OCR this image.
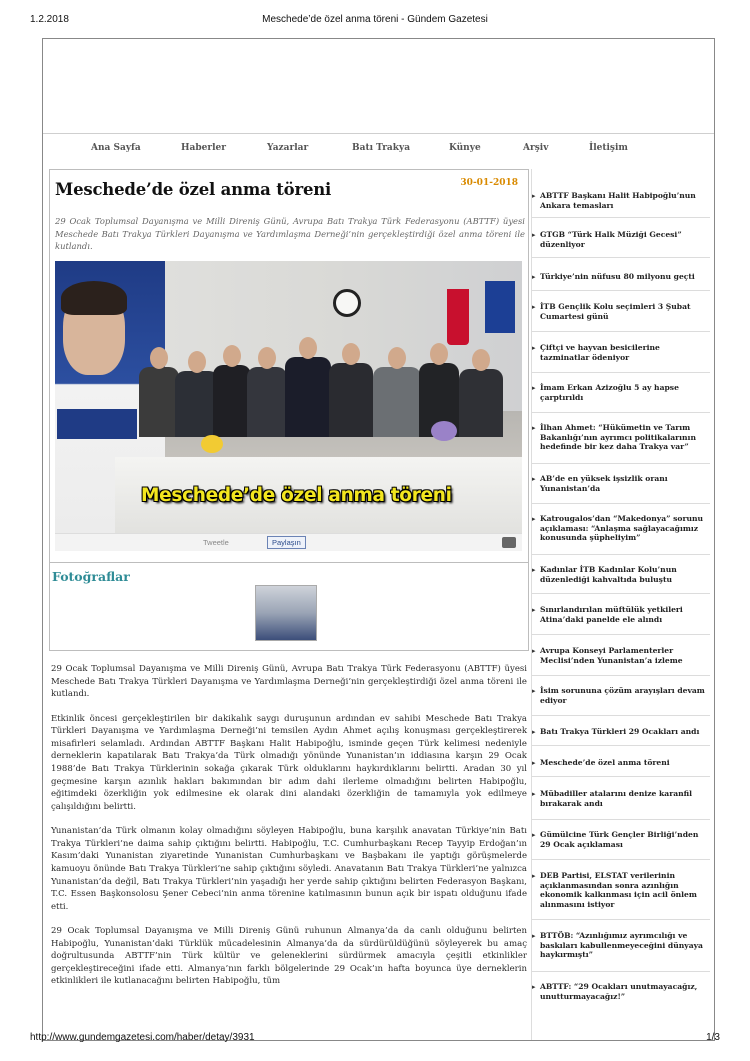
1.2.2018	Meschede’de özel anma töreni - Gündem Gazetesi
Ana Sayfa	Haberler	Yazarlar	Batı Trakya	Künye	Arşiv	İletişim
Meschede’de özel anma töreni	30-01-2018

29 Ocak Toplumsal Dayanışma ve Milli Direniş Günü, Avrupa Batı Trakya Türk Federasyonu (ABTTF) üyesi Meschede Batı Trakya Türkleri Dayanışma ve Yardımlaşma Derneği’nin gerçekleştirdiği özel anma töreni ile kutlandı.

Meschede’de özel anma töreni
Tweetle	Paylaşın
Fotoğraflar

29 Ocak Toplumsal Dayanışma ve Milli Direniş Günü, Avrupa Batı Trakya Türk Federasyonu (ABTTF) üyesi Meschede Batı Trakya Türkleri Dayanışma ve Yardımlaşma Derneği’nin gerçekleştirdiği özel anma töreni ile kutlandı.

Etkinlik öncesi gerçekleştirilen bir dakikalık saygı duruşunun ardından ev sahibi Meschede Batı Trakya Türkleri Dayanışma ve Yardımlaşma Derneği’ni temsilen Aydın Ahmet açılış konuşması gerçekleştirerek misafirleri selamladı. Ardından ABTTF Başkanı Halit Habipoğlu, isminde geçen Türk kelimesi nedeniyle derneklerin kapatılarak Batı Trakya’da Türk olmadığı yönünde Yunanistan’ın iddiasına karşın 29 Ocak 1988’de Batı Trakya Türklerinin sokağa çıkarak Türk olduklarını haykırdıklarını belirtti. Aradan 30 yıl geçmesine karşın azınlık hakları bakımından bir adım dahi ilerleme olmadığını belirten Habipoğlu, eğitimdeki özerkliğin yok edilmesine ek olarak dini alandaki özerkliğin de tamamıyla yok edilmeye çalışıldığını belirtti.

Yunanistan’da Türk olmanın kolay olmadığını söyleyen Habipoğlu, buna karşılık anavatan Türkiye’nin Batı Trakya Türkleri’ne daima sahip çıktığını belirtti. Habipoğlu, T.C. Cumhurbaşkanı Recep Tayyip Erdoğan’ın Kasım’daki Yunanistan ziyaretinde Yunanistan Cumhurbaşkanı ve Başbakanı ile yaptığı görüşmelerde kamuoyu önünde Batı Trakya Türkleri’ne sahip çıktığını söyledi. Anavatanın Batı Trakya Türkleri’ne yalnızca Yunanistan’da değil, Batı Trakya Türkleri’nin yaşadığı her yerde sahip çıktığını belirten Federasyon Başkanı, T.C. Essen Başkonsolosu Şener Cebeci’nin anma törenine katılmasının bunun açık bir ispatı olduğunu ifade etti.

29 Ocak Toplumsal Dayanışma ve Milli Direniş Günü ruhunun Almanya’da da canlı olduğunu belirten Habipoğlu, Yunanistan’daki Türklük mücadelesinin Almanya’da da sürdürüldüğünü söyleyerek bu amaç doğrultusunda ABTTF’nin Türk kültür ve geleneklerini sürdürmek amacıyla çeşitli etkinlikler gerçekleştireceğini ifade etti. Almanya’nın farklı bölgelerinde 29 Ocak’ın hafta boyunca üye derneklerin etkinlikleri ile kutlanacağını belirten Habipoğlu, tüm

▸ ABTTF Başkanı Halit Habipoğlu’nun Ankara temasları
▸ GTGB “Türk Halk Müziği Gecesi” düzenliyor
▸ Türkiye’nin nüfusu 80 milyonu geçti
▸ İTB Gençlik Kolu seçimleri 3 Şubat Cumartesi günü
▸ Çiftçi ve hayvan besicilerine tazminatlar ödeniyor
▸ İmam Erkan Azizoğlu 5 ay hapse çarptırıldı
▸ İlhan Ahmet: “Hükümetin ve Tarım Bakanlığı’nın ayrımcı politikalarının hedefinde bir kez daha Trakya var”
▸ AB’de en yüksek işsizlik oranı Yunanistan’da
▸ Katrougalos’dan “Makedonya” sorunu açıklaması: “Anlaşma sağlayacağımız konusunda şüpheliyim”
▸ Kadınlar İTB Kadınlar Kolu’nun düzenlediği kahvaltıda buluştu
▸ Sınırlandırılan müftülük yetkileri Atina’daki panelde ele alındı
▸ Avrupa Konseyi Parlamenterler Meclisi’nden Yunanistan’a izleme
▸ İsim sorununa çözüm arayışları devam ediyor
▸ Batı Trakya Türkleri 29 Ocakları andı
▸ Meschede’de özel anma töreni
▸ Mübadiller atalarını denize karanfil bırakarak andı
▸ Gümülcine Türk Gençler Birliği’nden 29 Ocak açıklaması
▸ DEB Partisi, ELSTAT verilerinin açıklanmasından sonra azınlığın ekonomik kalkınması için acil önlem alınmasını istiyor
▸ BTTÖB: “Azınlığımız ayrımcılığı ve baskıları kabullenmeyeceğini dünyaya haykırmıştı”
▸ ABTTF: “29 Ocakları unutmayacağız, unutturmayacağız!”
http://www.gundemgazetesi.com/haber/detay/3931	1/3
